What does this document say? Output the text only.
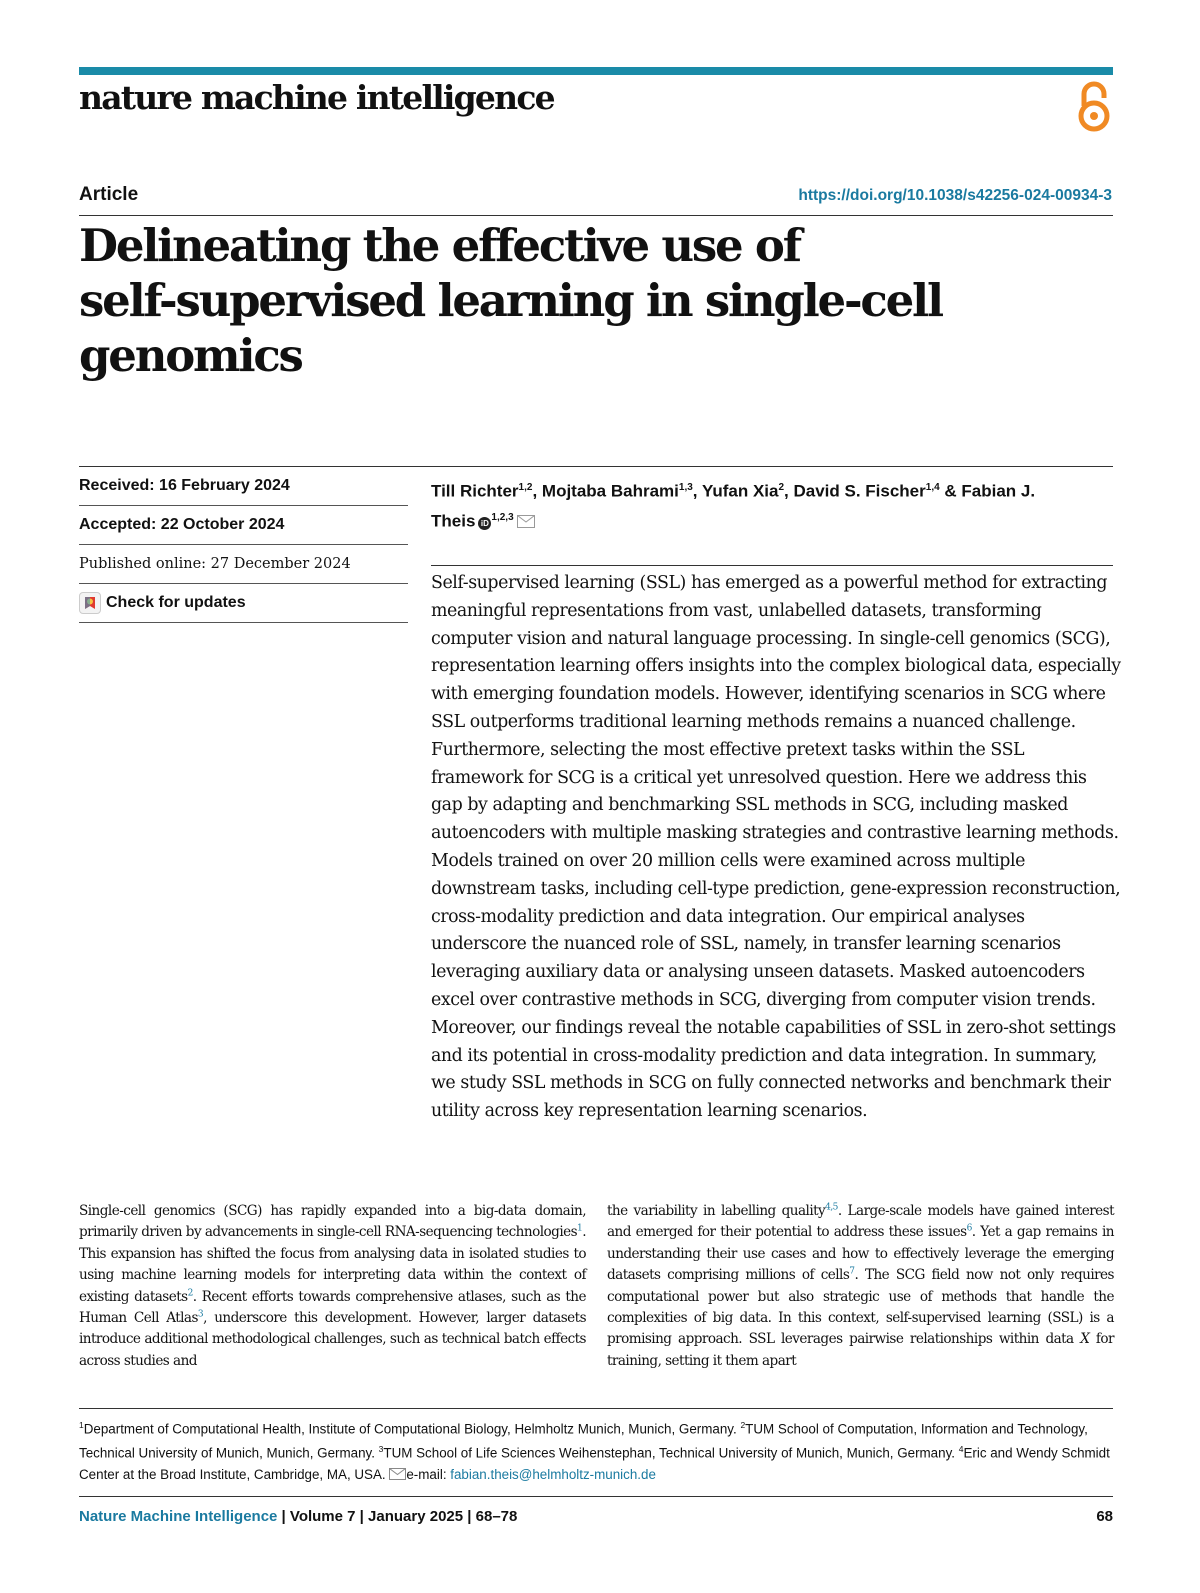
nature machine intelligence
Article	https://doi.org/10.1038/s42256-024-00934-3
Delineating the effective use of
self-supervised learning in single-cell
genomics
Received: 16 February 2024
Accepted: 22 October 2024
Published online: 27 December 2024
Check for updates
Till Richter$^{1,2}$, Mojtaba Bahrami$^{1,3}$, Yufan Xia$^2$, David S. Fischer$^{1,4}$ & Fabian J. Theis iD$^{1,2,3}$

Self-supervised learning (SSL) has emerged as a powerful method for extracting meaningful representations from vast, unlabelled datasets, transforming computer vision and natural language processing. In single-cell genomics (SCG), representation learning offers insights into the complex biological data, especially with emerging foundation models. However, identifying scenarios in SCG where SSL outperforms traditional learning methods remains a nuanced challenge. Furthermore, selecting the most effective pretext tasks within the SSL framework for SCG is a critical yet unresolved question. Here we address this gap by adapting and benchmarking SSL methods in SCG, including masked autoencoders with multiple masking strategies and contrastive learning methods. Models trained on over 20 million cells were examined across multiple downstream tasks, including cell-type prediction, gene-expression reconstruction, cross-modality prediction and data integration. Our empirical analyses underscore the nuanced role of SSL, namely, in transfer learning scenarios leveraging auxiliary data or analysing unseen datasets. Masked autoencoders excel over contrastive methods in SCG, diverging from computer vision trends. Moreover, our findings reveal the notable capabilities of SSL in zero-shot settings and its potential in cross-modality prediction and data integration. In summary, we study SSL methods in SCG on fully connected networks and benchmark their utility across key representation learning scenarios.

Single-cell genomics (SCG) has rapidly expanded into a big-data domain, primarily driven by advancements in single-cell RNA-sequencing technologies$^1$. This expansion has shifted the focus from analysing data in isolated studies to using machine learning models for interpreting data within the context of existing datasets$^2$. Recent efforts towards comprehensive atlases, such as the Human Cell Atlas$^3$, underscore this development. However, larger datasets introduce additional methodological challenges, such as technical batch effects across studies and

the variability in labelling quality$^{4,5}$. Large-scale models have gained interest and emerged for their potential to address these issues$^6$. Yet a gap remains in understanding their use cases and how to effectively leverage the emerging datasets comprising millions of cells$^7$. The SCG field now not only requires computational power but also strategic use of methods that handle the complexities of big data. In this context, self-supervised learning (SSL) is a promising approach. SSL leverages pairwise relationships within data X for training, setting it them apart

$^1$Department of Computational Health, Institute of Computational Biology, Helmholtz Munich, Munich, Germany. $^2$TUM School of Computation, Information and Technology, Technical University of Munich, Munich, Germany. $^3$TUM School of Life Sciences Weihenstephan, Technical University of Munich, Munich, Germany. $^4$Eric and Wendy Schmidt Center at the Broad Institute, Cambridge, MA, USA. e-mail: fabian.theis@helmholtz-munich.de

Nature Machine Intelligence | Volume 7 | January 2025 | 68–78	68
